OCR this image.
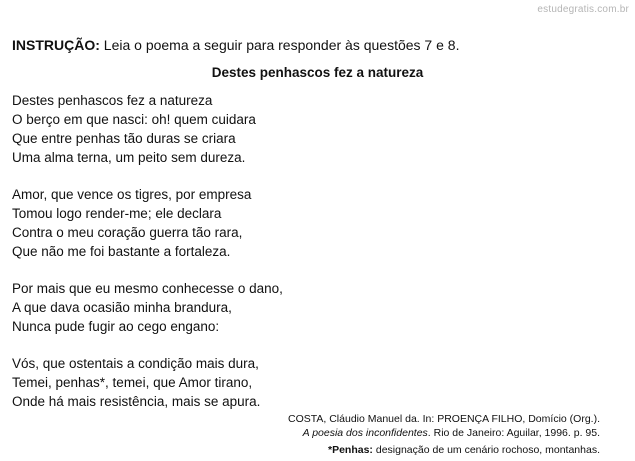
estudegratis.com.br
INSTRUÇÃO: Leia o poema a seguir para responder às questões 7 e 8.
Destes penhascos fez a natureza
Destes penhascos fez a natureza
O berço em que nasci: oh! quem cuidara
Que entre penhas tão duras se criara
Uma alma terna, um peito sem dureza.
Amor, que vence os tigres, por empresa
Tomou logo render-me; ele declara
Contra o meu coração guerra tão rara,
Que não me foi bastante a fortaleza.
Por mais que eu mesmo conhecesse o dano,
A que dava ocasião minha brandura,
Nunca pude fugir ao cego engano:
Vós, que ostentais a condição mais dura,
Temei, penhas*, temei, que Amor tirano,
Onde há mais resistência, mais se apura.
COSTA, Cláudio Manuel da. In: PROENÇA FILHO, Domício (Org.).
A poesia dos inconfidentes. Rio de Janeiro: Aguilar, 1996. p. 95.
*Penhas: designação de um cenário rochoso, montanhas.
